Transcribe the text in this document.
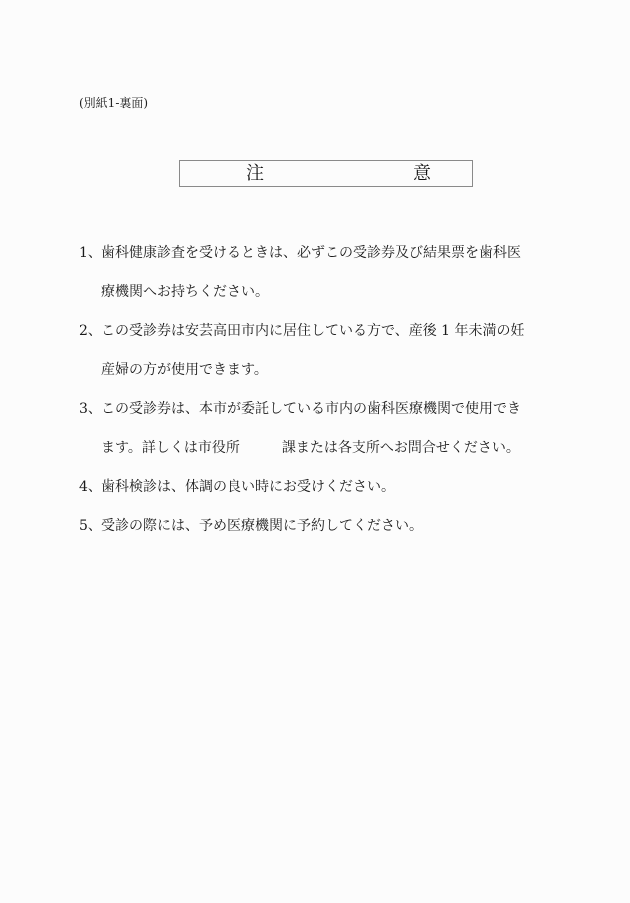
(別紙1-裏面)
注	意
1、歯科健康診査を受けるときは、必ずこの受診券及び結果票を歯科医
療機関へお持ちください。
2、この受診券は安芸高田市内に居住している方で、産後 1 年未満の妊
産婦の方が使用できます。
3、この受診券は、本市が委託している市内の歯科医療機関で使用でき
ます。詳しくは市役所　　　課または各支所へお問合せください。
4、歯科検診は、体調の良い時にお受けください。
5、受診の際には、予め医療機関に予約してください。
